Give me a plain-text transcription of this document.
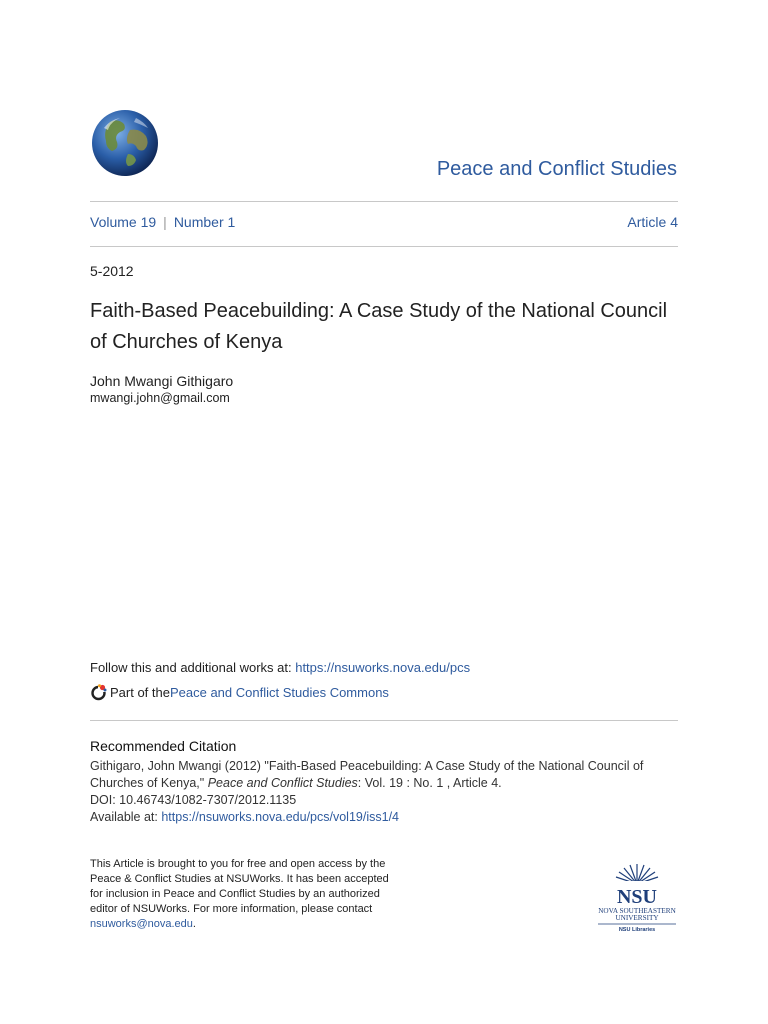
Peace and Conflict Studies
Volume 19 | Number 1	Article 4
5-2012
Faith-Based Peacebuilding: A Case Study of the National Council of Churches of Kenya
John Mwangi Githigaro
mwangi.john@gmail.com
Follow this and additional works at: https://nsuworks.nova.edu/pcs
Part of the Peace and Conflict Studies Commons
Recommended Citation
Githigaro, John Mwangi (2012) "Faith-Based Peacebuilding: A Case Study of the National Council of Churches of Kenya," Peace and Conflict Studies: Vol. 19 : No. 1 , Article 4.
DOI: 10.46743/1082-7307/2012.1135
Available at: https://nsuworks.nova.edu/pcs/vol19/iss1/4
This Article is brought to you for free and open access by the Peace & Conflict Studies at NSUWorks. It has been accepted for inclusion in Peace and Conflict Studies by an authorized editor of NSUWorks. For more information, please contact nsuworks@nova.edu.
NSU
NOVA SOUTHEASTERN
UNIVERSITY
NSU Libraries
